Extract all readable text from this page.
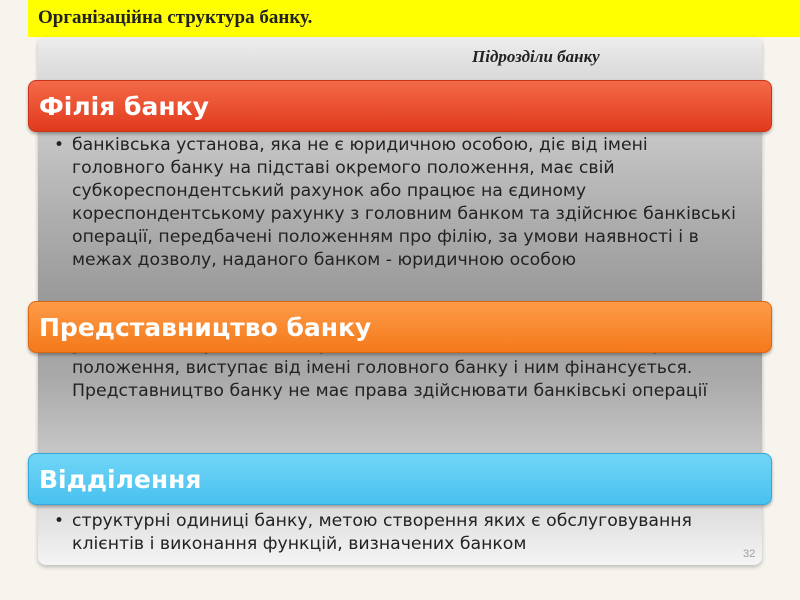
Організаційна структура банку.
Підрозділи банку
• банківська установа, яка не є юридичною особою, діє від імені головного банку на підставі окремого положення, має свій субкореспондентський рахунок або працює на єдиному кореспондентському рахунку з головним банком та здійснює банківські операції, передбачені положенням про філію, за умови наявності і в межах дозволу, наданого банком - юридичною особою
• положення, виступає від імені головного банку і ним фінансується. Представництво банку не має права здійснювати банківські операції
• структурні одиниці банку, метою створення яких є обслуговування клієнтів і виконання функцій, визначених банком
Філія банку
Представництво банку
Відділення
32
